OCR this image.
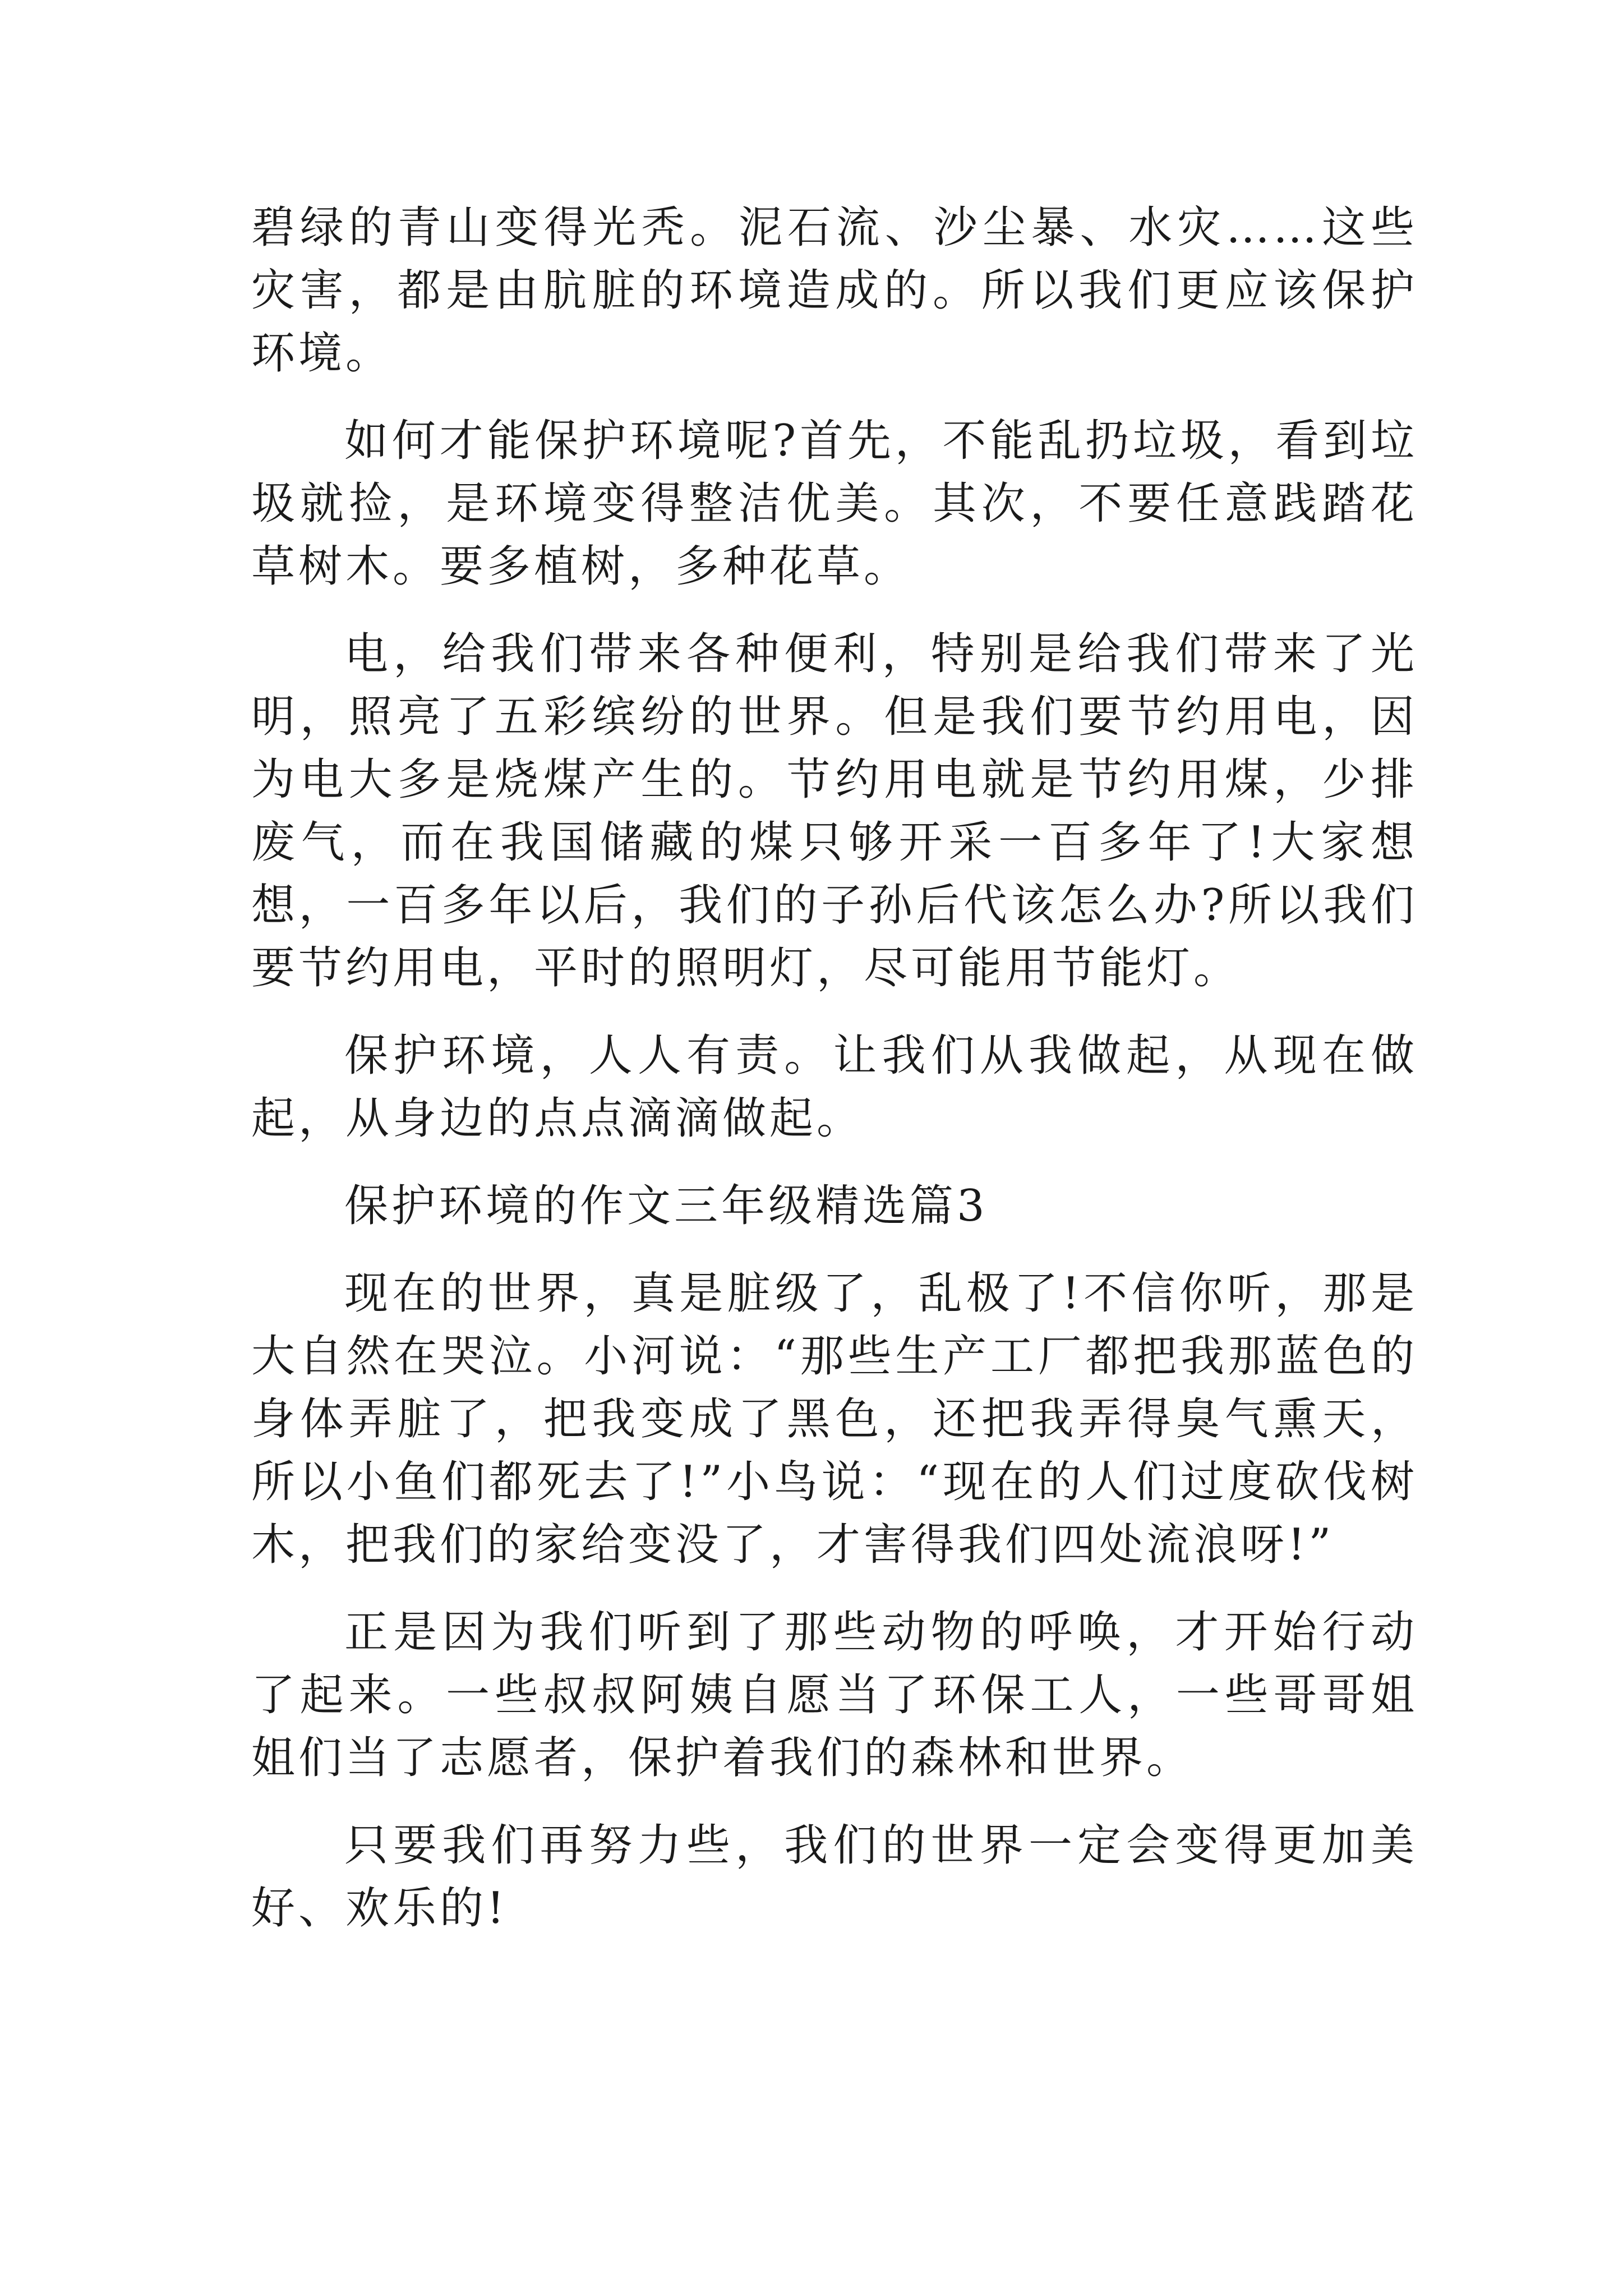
碧绿的青山变得光秃。泥石流、沙尘暴、水灾……这些灾害，都是由肮脏的环境造成的。所以我们更应该保护环境。

如何才能保护环境呢?首先，不能乱扔垃圾，看到垃圾就捡，是环境变得整洁优美。其次，不要任意践踏花草树木。要多植树，多种花草。

电，给我们带来各种便利，特别是给我们带来了光明，照亮了五彩缤纷的世界。但是我们要节约用电，因为电大多是烧煤产生的。节约用电就是节约用煤，少排废气，而在我国储藏的煤只够开采一百多年了!大家想想，一百多年以后，我们的子孙后代该怎么办?所以我们要节约用电，平时的照明灯，尽可能用节能灯。

保护环境，人人有责。让我们从我做起，从现在做起，从身边的点点滴滴做起。

保护环境的作文三年级精选篇3

现在的世界，真是脏级了，乱极了!不信你听，那是大自然在哭泣。小河说：“那些生产工厂都把我那蓝色的身体弄脏了，把我变成了黑色，还把我弄得臭气熏天，所以小鱼们都死去了!”小鸟说：“现在的人们过度砍伐树木，把我们的家给变没了，才害得我们四处流浪呀!”

正是因为我们听到了那些动物的呼唤，才开始行动了起来。一些叔叔阿姨自愿当了环保工人，一些哥哥姐姐们当了志愿者，保护着我们的森林和世界。

只要我们再努力些，我们的世界一定会变得更加美好、欢乐的!
